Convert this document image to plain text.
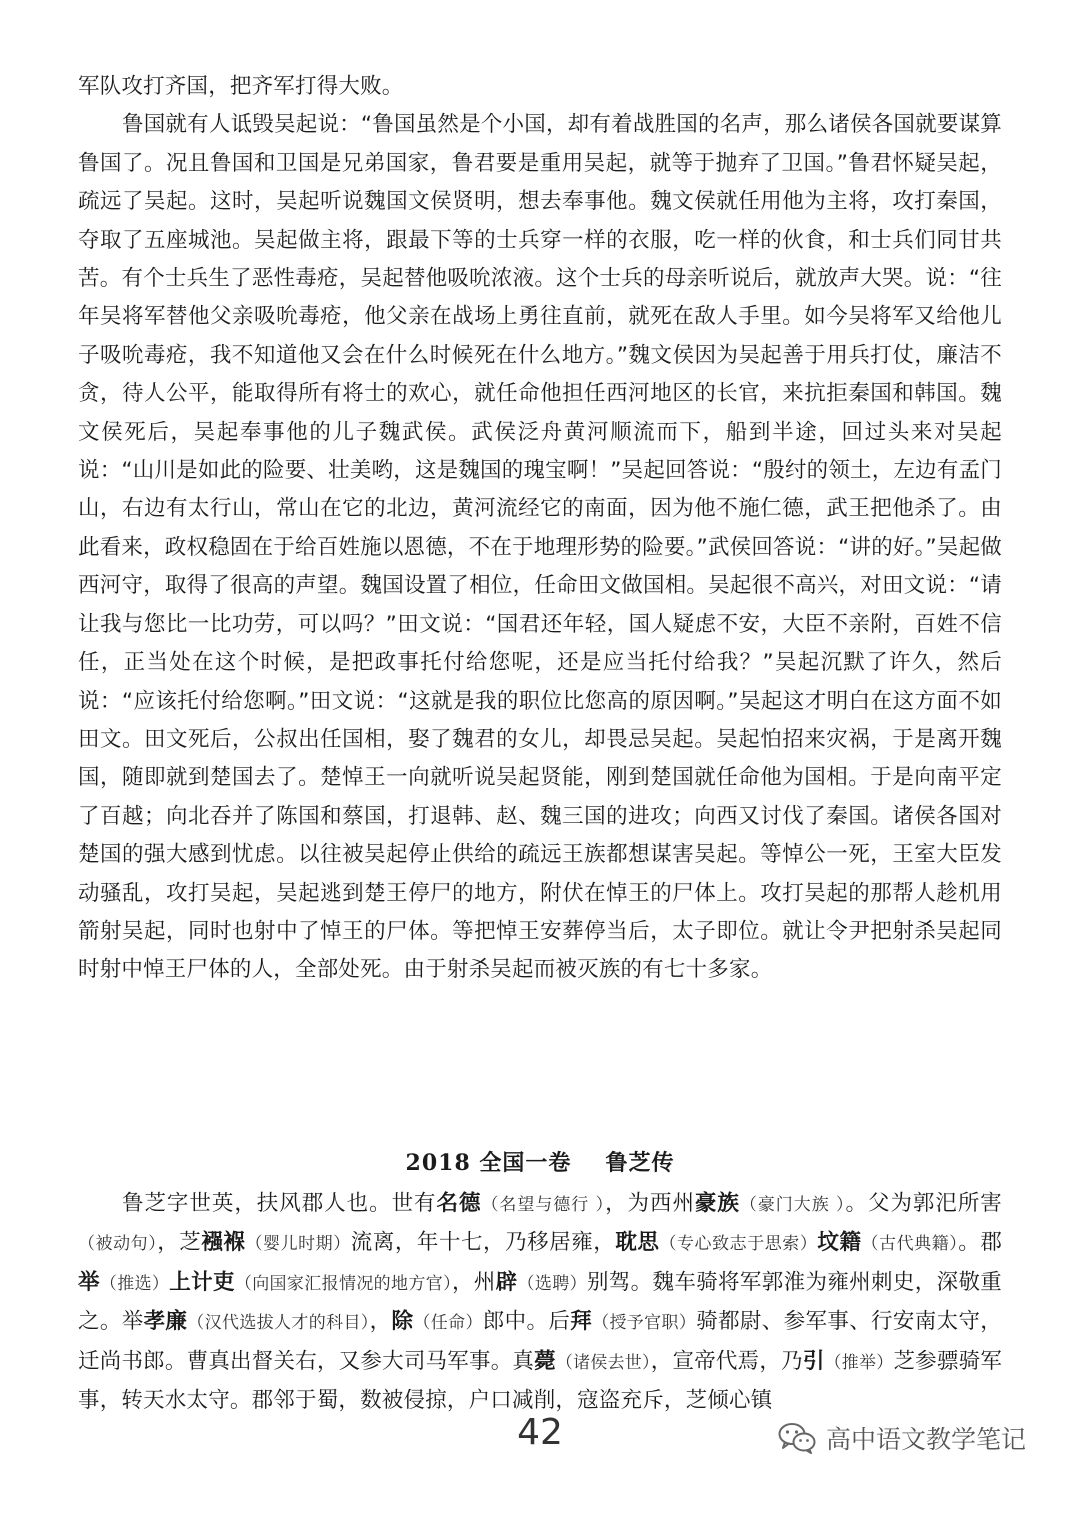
军队攻打齐国，把齐军打得大败。

鲁国就有人诋毁吴起说：“鲁国虽然是个小国，却有着战胜国的名声，那么诸侯各国就要谋算鲁国了。况且鲁国和卫国是兄弟国家，鲁君要是重用吴起，就等于抛弃了卫国。”鲁君怀疑吴起，疏远了吴起。这时，吴起听说魏国文侯贤明，想去奉事他。魏文侯就任用他为主将，攻打秦国，夺取了五座城池。吴起做主将，跟最下等的士兵穿一样的衣服，吃一样的伙食，和士兵们同甘共苦。有个士兵生了恶性毒疮，吴起替他吸吮浓液。这个士兵的母亲听说后，就放声大哭。说：“往年吴将军替他父亲吸吮毒疮，他父亲在战场上勇往直前，就死在敌人手里。如今吴将军又给他儿子吸吮毒疮，我不知道他又会在什么时候死在什么地方。”魏文侯因为吴起善于用兵打仗，廉洁不贪，待人公平，能取得所有将士的欢心，就任命他担任西河地区的长官，来抗拒秦国和韩国。魏文侯死后，吴起奉事他的儿子魏武侯。武侯泛舟黄河顺流而下，船到半途，回过头来对吴起说：“山川是如此的险要、壮美哟，这是魏国的瑰宝啊！”吴起回答说：“殷纣的领土，左边有孟门山，右边有太行山，常山在它的北边，黄河流经它的南面，因为他不施仁德，武王把他杀了。由此看来，政权稳固在于给百姓施以恩德，不在于地理形势的险要。”武侯回答说：“讲的好。”吴起做西河守，取得了很高的声望。魏国设置了相位，任命田文做国相。吴起很不高兴，对田文说：“请让我与您比一比功劳，可以吗？”田文说：“国君还年轻，国人疑虑不安，大臣不亲附，百姓不信任，正当处在这个时候，是把政事托付给您呢，还是应当托付给我？”吴起沉默了许久，然后说：“应该托付给您啊。”田文说：“这就是我的职位比您高的原因啊。”吴起这才明白在这方面不如田文。田文死后，公叔出任国相，娶了魏君的女儿，却畏忌吴起。吴起怕招来灾祸，于是离开魏国，随即就到楚国去了。楚悼王一向就听说吴起贤能，刚到楚国就任命他为国相。于是向南平定了百越；向北吞并了陈国和蔡国，打退韩、赵、魏三国的进攻；向西又讨伐了秦国。诸侯各国对楚国的强大感到忧虑。以往被吴起停止供给的疏远王族都想谋害吴起。等悼公一死，王室大臣发动骚乱，攻打吴起，吴起逃到楚王停尸的地方，附伏在悼王的尸体上。攻打吴起的那帮人趁机用箭射吴起，同时也射中了悼王的尸体。等把悼王安葬停当后，太子即位。就让令尹把射杀吴起同时射中悼王尸体的人，全部处死。由于射杀吴起而被灭族的有七十多家。

2018 全国一卷 鲁芝传

鲁芝字世英，扶风郡人也。世有名德（名望与德行 ），为西州豪族（豪门大族 ）。父为郭汜所害（被动句），芝襁褓（婴儿时期）流离，年十七，乃移居雍，耽思（专心致志于思索）坟籍（古代典籍）。郡举（推选）上计吏（向国家汇报情况的地方官），州辟（选聘）别驾。魏车骑将军郭淮为雍州刺史，深敬重之。举孝廉（汉代选拔人才的科目），除（任命）郎中。后拜（授予官职）骑都尉、参军事、行安南太守，迁尚书郎。曹真出督关右，又参大司马军事。真薨（诸侯去世），宣帝代焉，乃引（推举）芝参骠骑军事，转天水太守。郡邻于蜀，数被侵掠，户口减削，寇盗充斥，芝倾心镇

42	高中语文教学笔记
